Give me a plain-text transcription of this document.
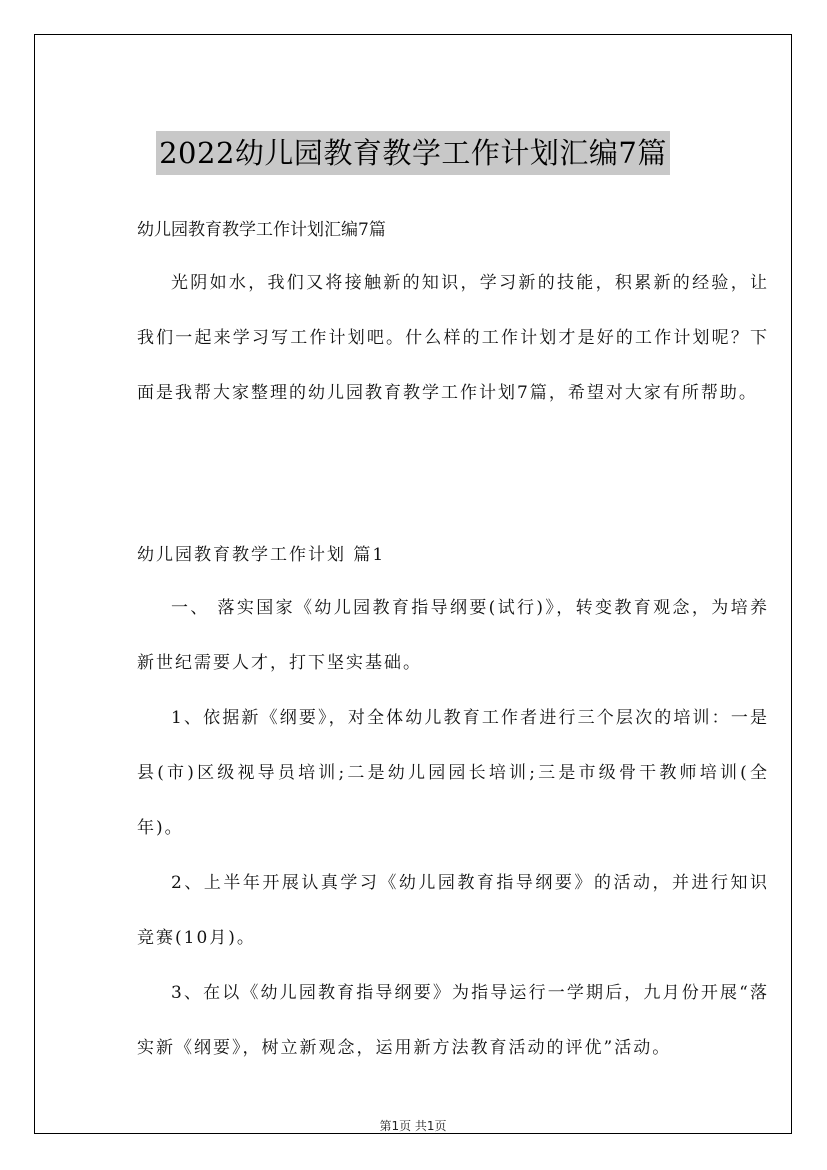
2022幼儿园教育教学工作计划汇编7篇
幼儿园教育教学工作计划汇编7篇

光阴如水，我们又将接触新的知识，学习新的技能，积累新的经验，让我们一起来学习写工作计划吧。什么样的工作计划才是好的工作计划呢？下面是我帮大家整理的幼儿园教育教学工作计划7篇，希望对大家有所帮助。

幼儿园教育教学工作计划 篇1

一、 落实国家《幼儿园教育指导纲要(试行)》，转变教育观念，为培养新世纪需要人才，打下坚实基础。

1、依据新《纲要》，对全体幼儿教育工作者进行三个层次的培训：一是县(市)区级视导员培训;二是幼儿园园长培训;三是市级骨干教师培训(全年)。

2、上半年开展认真学习《幼儿园教育指导纲要》的活动，并进行知识竞赛(10月)。

3、在以《幼儿园教育指导纲要》为指导运行一学期后，九月份开展“落实新《纲要》，树立新观念，运用新方法教育活动的评优”活动。

第1页 共1页
